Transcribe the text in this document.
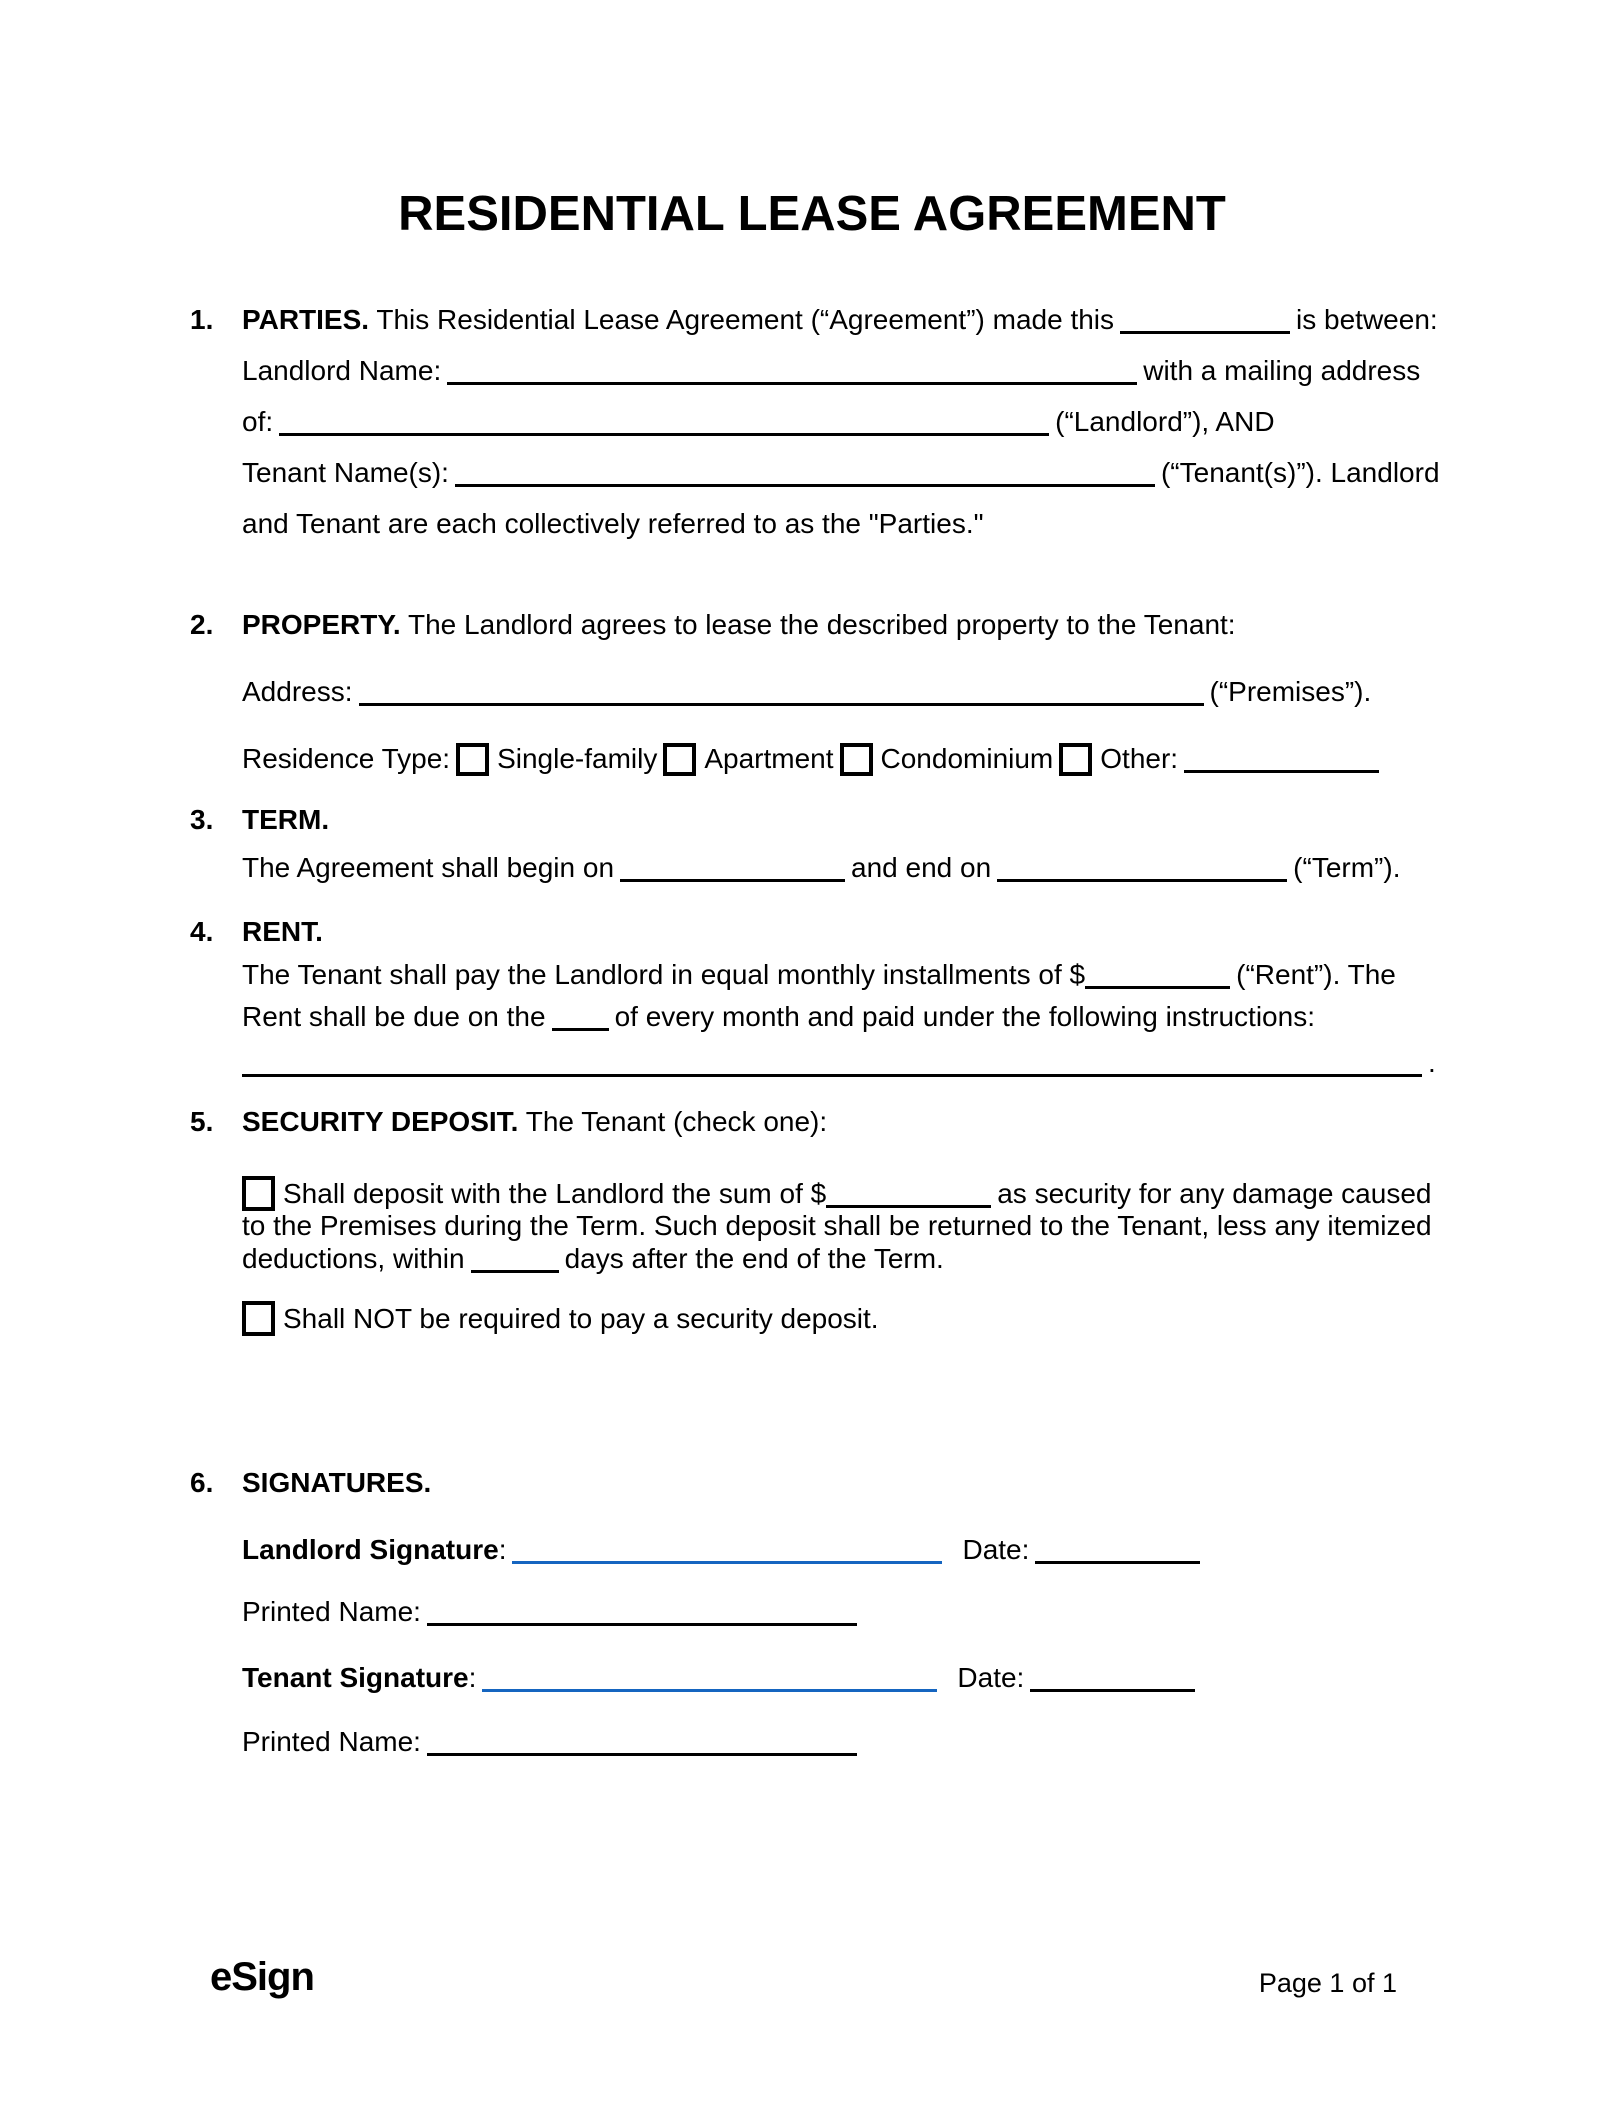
RESIDENTIAL LEASE AGREEMENT
1. PARTIES. This Residential Lease Agreement (“Agreement”) made this	is between:
Landlord Name:	with a mailing address
of:	(“Landlord”), AND
Tenant Name(s):	(“Tenant(s)”). Landlord
and Tenant are each collectively referred to as the "Parties."
2. PROPERTY. The Landlord agrees to lease the described property to the Tenant:
Address:	(“Premises”).
Residence Type: Single-family Apartment Condominium Other:
3. TERM.
The Agreement shall begin on	and end on	(“Term”).
4. RENT.
The Tenant shall pay the Landlord in equal monthly installments of $	(“Rent”). The
Rent shall be due on the of every month and paid under the following instructions:
.
5. SECURITY DEPOSIT. The Tenant (check one):
Shall deposit with the Landlord the sum of $	as security for any damage caused
to the Premises during the Term. Such deposit shall be returned to the Tenant, less any itemized
deductions, within	days after the end of the Term.
Shall NOT be required to pay a security deposit.
6. SIGNATURES.
Landlord Signature:	Date:
Printed Name:
Tenant Signature:	Date:
Printed Name:
eSign	Page 1 of 1
